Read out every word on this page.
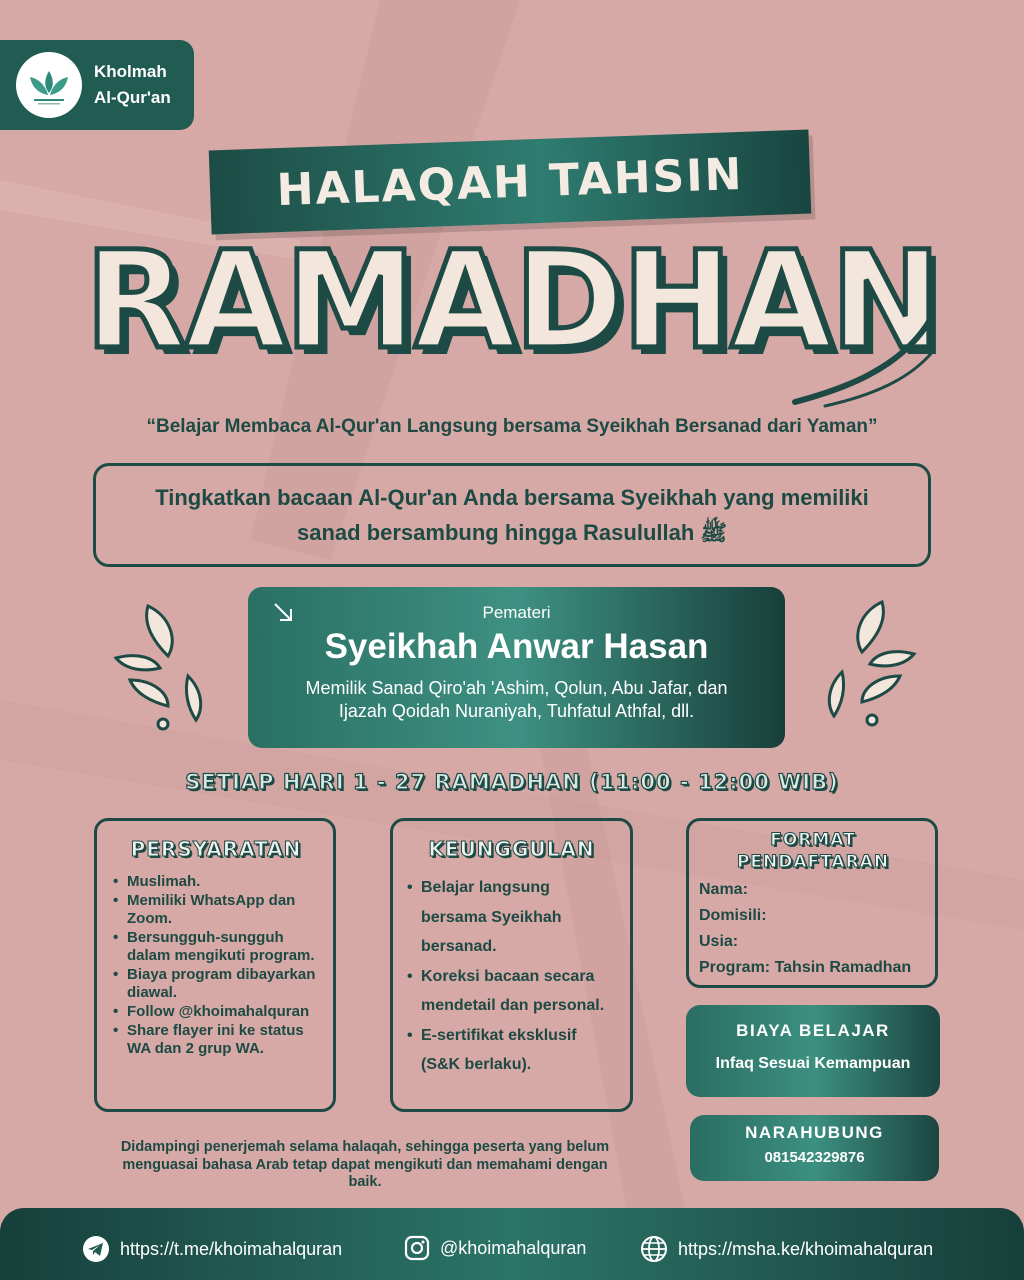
Kholmah
Al-Qur'an
HALAQAH TAHSIN
RAMADHAN
“Belajar Membaca Al-Qur'an Langsung bersama Syeikhah Bersanad dari Yaman”

Tingkatkan bacaan Al-Qur'an Anda bersama Syeikhah yang memiliki
sanad bersambung hingga Rasulullah ﷺ

Pemateri
Syeikhah Anwar Hasan
Memilik Sanad Qiro'ah 'Ashim, Qolun, Abu Jafar, dan
Ijazah Qoidah Nuraniyah, Tuhfatul Athfal, dll.
SETIAP HARI 1 - 27 RAMADHAN (11:00 - 12:00 WIB)
PERSYARATAN
• Muslimah.
• Memiliki WhatsApp dan Zoom.
• Bersungguh-sungguh dalam mengikuti program.
• Biaya program dibayarkan diawal.
• Follow @khoimahalquran
• Share flayer ini ke status WA dan 2 grup WA.
KEUNGGULAN
• Belajar langsung bersama Syeikhah bersanad.
• Koreksi bacaan secara mendetail dan personal.
• E-sertifikat eksklusif (S&K berlaku).
FORMAT
PENDAFTARAN
Nama:
Domisili:
Usia:
Program: Tahsin Ramadhan
BIAYA BELAJAR
Infaq Sesuai Kemampuan
NARAHUBUNG
081542329876
Didampingi penerjemah selama halaqah, sehingga peserta yang belum menguasai bahasa Arab tetap dapat mengikuti dan memahami dengan baik.
https://t.me/khoimahalquran	@khoimahalquran	https://msha.ke/khoimahalquran
